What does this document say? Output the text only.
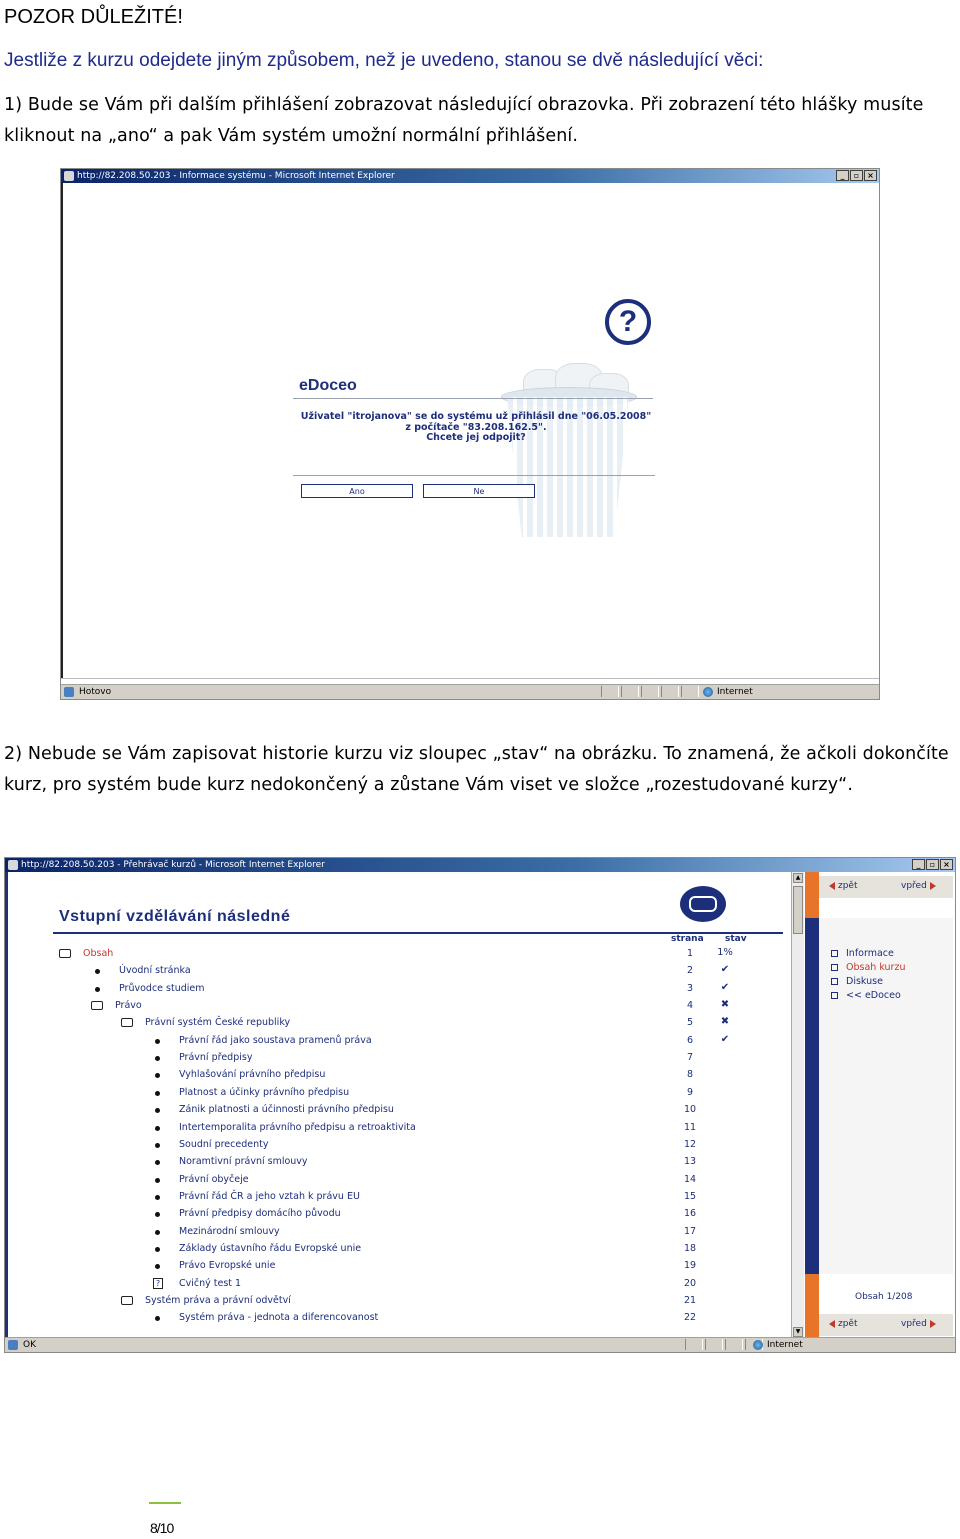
POZOR DŮLEŽITÉ!
Jestliže z kurzu odejdete jiným způsobem, než je uvedeno, stanou se dvě následující věci:
1) Bude se Vám při dalším přihlášení zobrazovat následující obrazovka. Při zobrazení této hlášky musíte kliknout na „ano“ a pak Vám systém umožní normální přihlášení.
http://82.208.50.203 - Informace systému - Microsoft Internet Explorer	_	▫ ×
?
eDoceo
Uživatel "itrojanova" se do systému už přihlásil dne "06.05.2008"
z počítače "83.208.162.5".
Chcete jej odpojit?
Ano	Ne
Hotovo	Internet
2) Nebude se Vám zapisovat historie kurzu viz sloupec „stav“ na obrázku. To znamená, že ačkoli dokončíte kurz, pro systém bude kurz nedokončený a zůstane Vám viset ve složce „rozestudované kurzy“.
http://82.208.50.203 - Přehrávač kurzů - Microsoft Internet Explorer	_	▫ ×
Vstupní vzdělávání následné
strana stav
Obsah	1	1%
Úvodní stránka	2	✔
Průvodce studiem	3	✔
Právo	4	✖
Právní systém České republiky	5	✖
Právní řád jako soustava pramenů práva	6	✔
Právní předpisy	7
Vyhlašování právního předpisu	8
Platnost a účinky právního předpisu	9
Zánik platnosti a účinnosti právního předpisu	10
Intertemporalita právního předpisu a retroaktivita	11
Soudní precedenty	12
Noramtivní právní smlouvy	13
Právní obyčeje	14
Právní řád ČR a jeho vztah k právu EU	15
Právní předpisy domácího původu	16
Mezinárodní smlouvy	17
Základy ústavního řádu Evropské unie	18
Právo Evropské unie	19
?	Cvičný test 1	20
Systém práva a právní odvětví	21
Systém práva - jednota a diferencovanost	22
▲
▼
zpět	vpřed
Informace
Obsah kurzu
Diskuse
<< eDoceo
Obsah 1/208
zpět	vpřed
OK	Internet
8/10
